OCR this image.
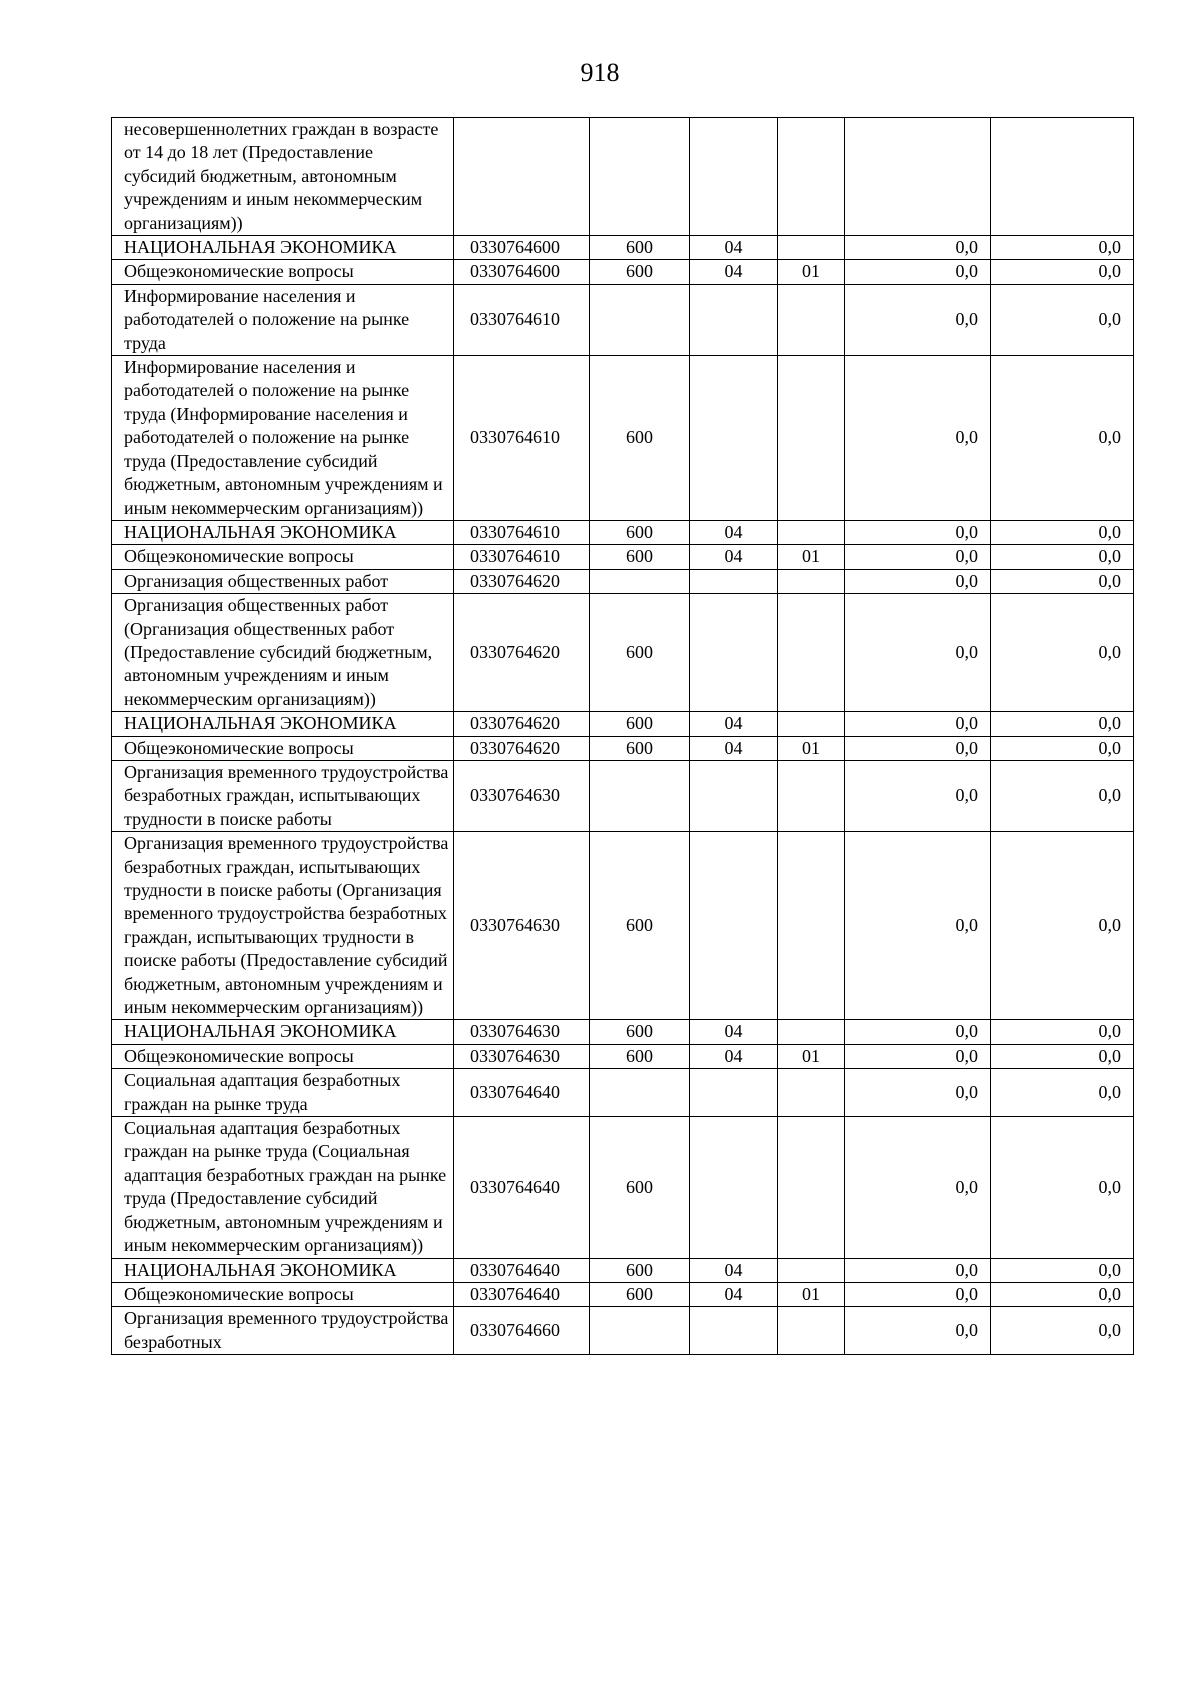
918
несовершеннолетних граждан в возрасте от 14 до 18 лет (Предоставление субсидий бюджетным, автономным учреждениям и иным некоммерческим организациям))						
НАЦИОНАЛЬНАЯ ЭКОНОМИКА	0330764600	600	04		0,0	0,0
Общеэкономические вопросы	0330764600	600	04	01	0,0	0,0
Информирование населения и работодателей о положение на рынке труда	0330764610				0,0	0,0
Информирование населения и работодателей о положение на рынке труда (Информирование населения и работодателей о положение на рынке труда (Предоставление субсидий бюджетным, автономным учреждениям и иным некоммерческим организациям))	0330764610	600			0,0	0,0
НАЦИОНАЛЬНАЯ ЭКОНОМИКА	0330764610	600	04		0,0	0,0
Общеэкономические вопросы	0330764610	600	04	01	0,0	0,0
Организация общественных работ	0330764620				0,0	0,0
Организация общественных работ (Организация общественных работ (Предоставление субсидий бюджетным, автономным учреждениям и иным некоммерческим организациям))	0330764620	600			0,0	0,0
НАЦИОНАЛЬНАЯ ЭКОНОМИКА	0330764620	600	04		0,0	0,0
Общеэкономические вопросы	0330764620	600	04	01	0,0	0,0
Организация временного трудоустройства безработных граждан, испытывающих трудности в поиске работы	0330764630				0,0	0,0
Организация временного трудоустройства безработных граждан, испытывающих трудности в поиске работы (Организация временного трудоустройства безработных граждан, испытывающих трудности в поиске работы (Предоставление субсидий бюджетным, автономным учреждениям и иным некоммерческим организациям))	0330764630	600			0,0	0,0
НАЦИОНАЛЬНАЯ ЭКОНОМИКА	0330764630	600	04		0,0	0,0
Общеэкономические вопросы	0330764630	600	04	01	0,0	0,0
Социальная адаптация безработных граждан на рынке труда	0330764640				0,0	0,0
Социальная адаптация безработных граждан на рынке труда (Социальная адаптация безработных граждан на рынке труда (Предоставление субсидий бюджетным, автономным учреждениям и иным некоммерческим организациям))	0330764640	600			0,0	0,0
НАЦИОНАЛЬНАЯ ЭКОНОМИКА	0330764640	600	04		0,0	0,0
Общеэкономические вопросы	0330764640	600	04	01	0,0	0,0
Организация временного трудоустройства безработных	0330764660				0,0	0,0
